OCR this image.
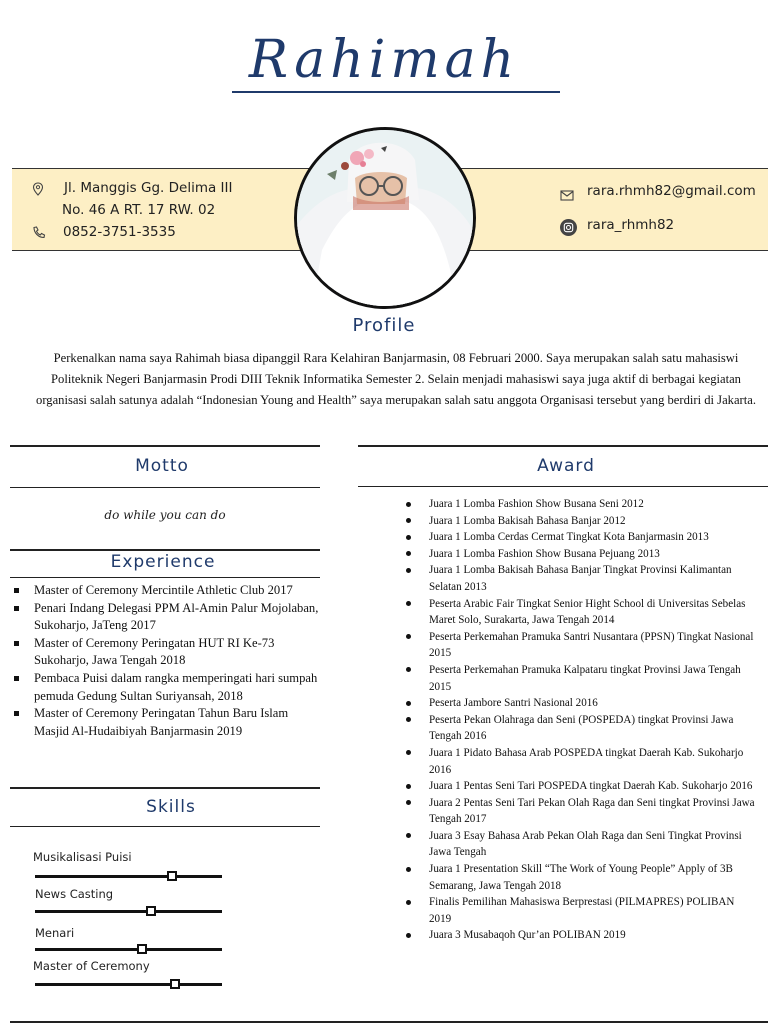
Rahimah
Jl. Manggis Gg. Delima III
No. 46 A RT. 17 RW. 02
0852-3751-3535
rara.rhmh82@gmail.com
rara_rhmh82
Profile
Perkenalkan nama saya Rahimah biasa dipanggil Rara Kelahiran Banjarmasin, 08 Februari 2000. Saya merupakan salah satu mahasiswi Politeknik Negeri Banjarmasin Prodi DIII Teknik Informatika Semester 2. Selain menjadi mahasiswi saya juga aktif di berbagai kegiatan organisasi salah satunya adalah “Indonesian Young and Health” saya merupakan salah satu anggota Organisasi tersebut yang berdiri di Jakarta.
Motto
do while you can do
Experience
Master of Ceremony Mercintile Athletic Club 2017
Penari Indang Delegasi PPM Al-Amin Palur Mojolaban, Sukoharjo, JaTeng 2017
Master of Ceremony Peringatan HUT RI Ke-73 Sukoharjo, Jawa Tengah 2018
Pembaca Puisi dalam rangka memperingati hari sumpah pemuda Gedung Sultan Suriyansah, 2018
Master of Ceremony Peringatan Tahun Baru Islam Masjid Al-Hudaibiyah Banjarmasin 2019
Skills
Musikalisasi Puisi
News Casting
Menari
Master of Ceremony
Award
Juara 1 Lomba Fashion Show Busana Seni 2012
Juara 1 Lomba Bakisah Bahasa Banjar 2012
Juara 1 Lomba Cerdas Cermat Tingkat Kota Banjarmasin 2013
Juara 1 Lomba Fashion Show Busana Pejuang 2013
Juara 1 Lomba Bakisah Bahasa Banjar Tingkat Provinsi Kalimantan Selatan 2013
Peserta Arabic Fair Tingkat Senior Hight School di Universitas Sebelas Maret Solo, Surakarta, Jawa Tengah 2014
Peserta Perkemahan Pramuka Santri Nusantara (PPSN) Tingkat Nasional 2015
Peserta Perkemahan Pramuka Kalpataru tingkat Provinsi Jawa Tengah 2015
Peserta Jambore Santri Nasional 2016
Peserta Pekan Olahraga dan Seni (POSPEDA) tingkat Provinsi Jawa Tengah 2016
Juara 1 Pidato Bahasa Arab POSPEDA tingkat Daerah Kab. Sukoharjo 2016
Juara 1 Pentas Seni Tari POSPEDA tingkat Daerah Kab. Sukoharjo 2016
Juara 2 Pentas Seni Tari Pekan Olah Raga dan Seni tingkat Provinsi Jawa Tengah 2017
Juara 3 Esay Bahasa Arab Pekan Olah Raga dan Seni Tingkat Provinsi Jawa Tengah
Juara 1 Presentation Skill “The Work of Young People” Apply of 3B Semarang, Jawa Tengah 2018
Finalis Pemilihan Mahasiswa Berprestasi (PILMAPRES) POLIBAN 2019
Juara 3 Musabaqoh Qur’an POLIBAN 2019
